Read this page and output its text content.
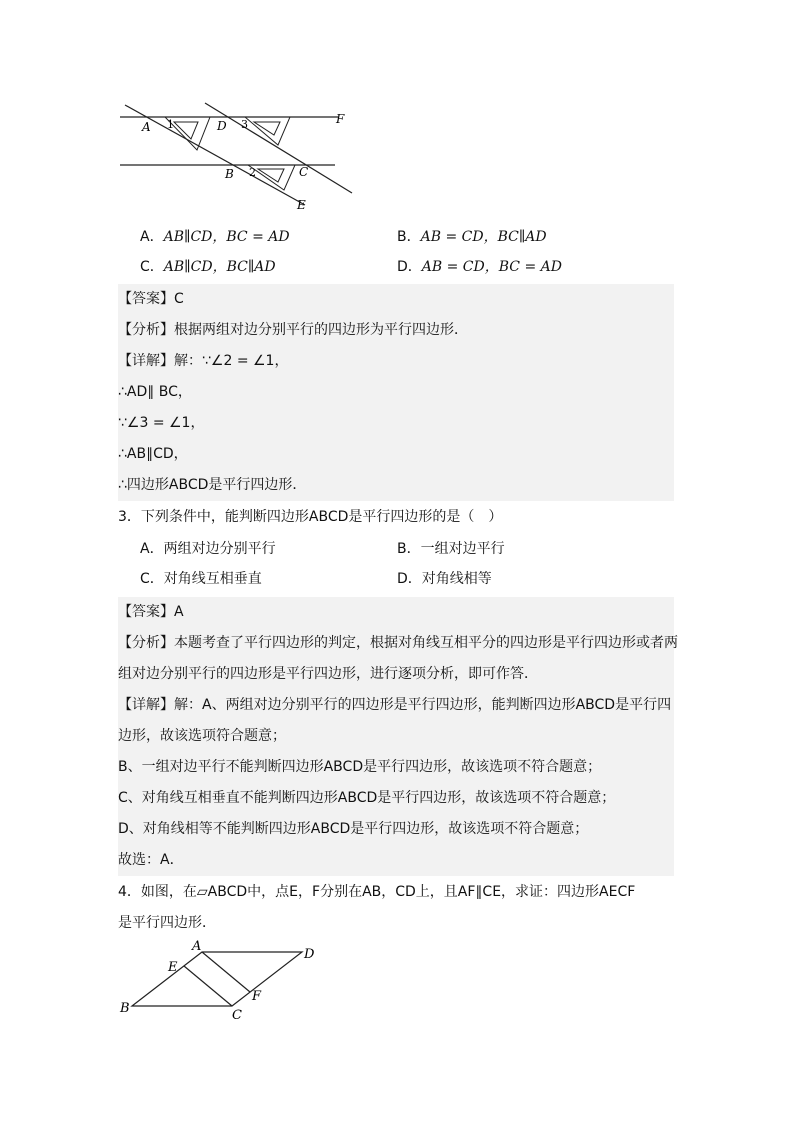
A 1	D 3	F
B 2	C
E
A．AB∥CD，BC = AD	B．AB = CD，BC∥AD
C．AB∥CD，BC∥AD	D．AB = CD，BC = AD
【答案】C
【分析】根据两组对边分别平行的四边形为平行四边形．
【详解】解：∵∠2 = ∠1，
∴AD∥ BC，
∵∠3 = ∠1，
∴AB∥CD，
∴四边形ABCD是平行四边形．
3．下列条件中，能判断四边形ABCD是平行四边形的是（　）
A．两组对边分别平行	B．一组对边平行
C．对角线互相垂直	D．对角线相等
【答案】A
【分析】本题考查了平行四边形的判定，根据对角线互相平分的四边形是平行四边形或者两
组对边分别平行的四边形是平行四边形，进行逐项分析，即可作答．
【详解】解：A、两组对边分别平行的四边形是平行四边形，能判断四边形ABCD是平行四
边形，故该选项符合题意；
B、一组对边平行不能判断四边形ABCD是平行四边形，故该选项不符合题意；
C、对角线互相垂直不能判断四边形ABCD是平行四边形，故该选项不符合题意；
D、对角线相等不能判断四边形ABCD是平行四边形，故该选项不符合题意；
故选：A．
4．如图，在▱ABCD中，点E，F分别在AB，CD上，且AF∥CE，求证：四边形AECF
是平行四边形．
A
E
D
F
B	C
